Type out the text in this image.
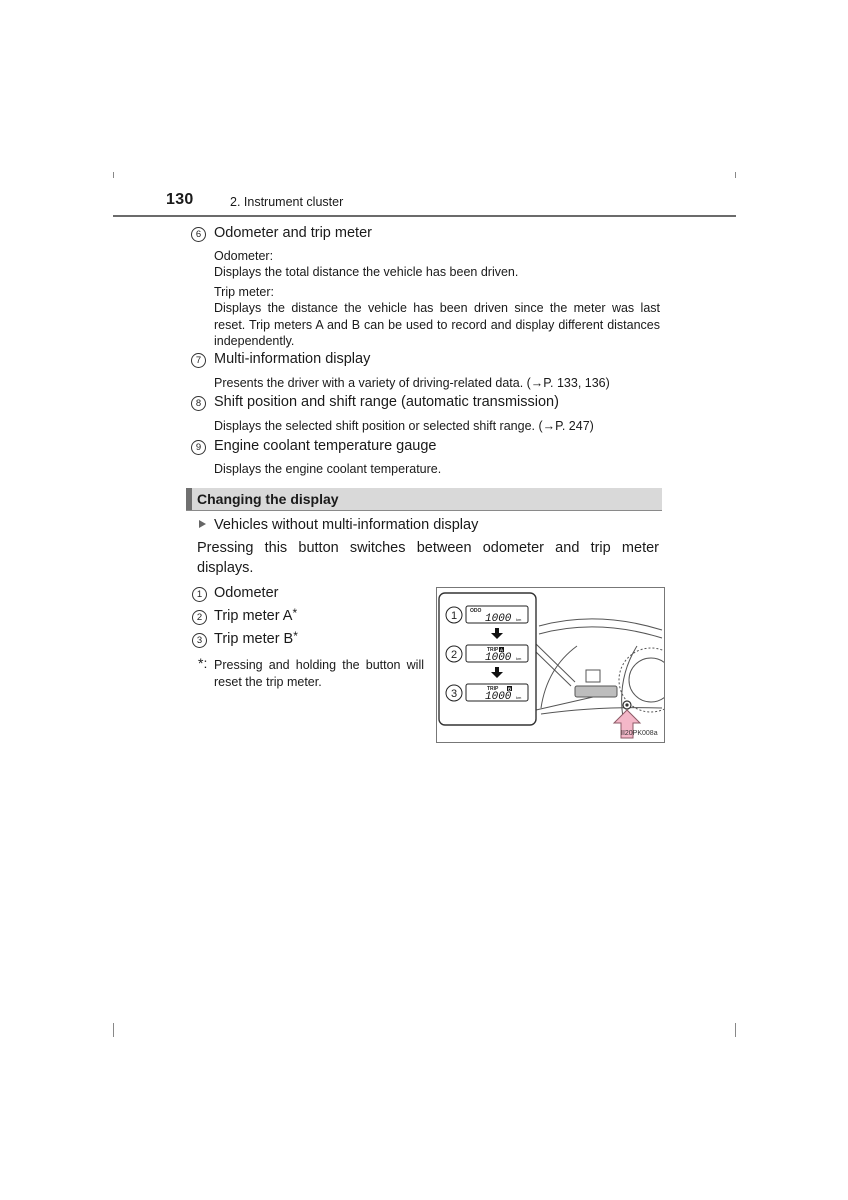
130	2. Instrument cluster
6 Odometer and trip meter
Odometer:
Displays the total distance the vehicle has been driven.
Trip meter:
Displays the distance the vehicle has been driven since the meter was last reset. Trip meters A and B can be used to record and display different distances independently.
7 Multi-information display
Presents the driver with a variety of driving-related data. (→P. 133, 136)
8 Shift position and shift range (automatic transmission)
Displays the selected shift position or selected shift range. (→P. 247)
9 Engine coolant temperature gauge
Displays the engine coolant temperature.
Changing the display
Vehicles without multi-information display
Pressing this button switches between odometer and trip meter displays.
1 Odometer
2 Trip meter A*
3 Trip meter B*
*: Pressing and holding the button will reset the trip meter.
1
2
3
ODO
1000 km
TRIP A
1000 km
TRIP B
1000 km
II20PK008a
